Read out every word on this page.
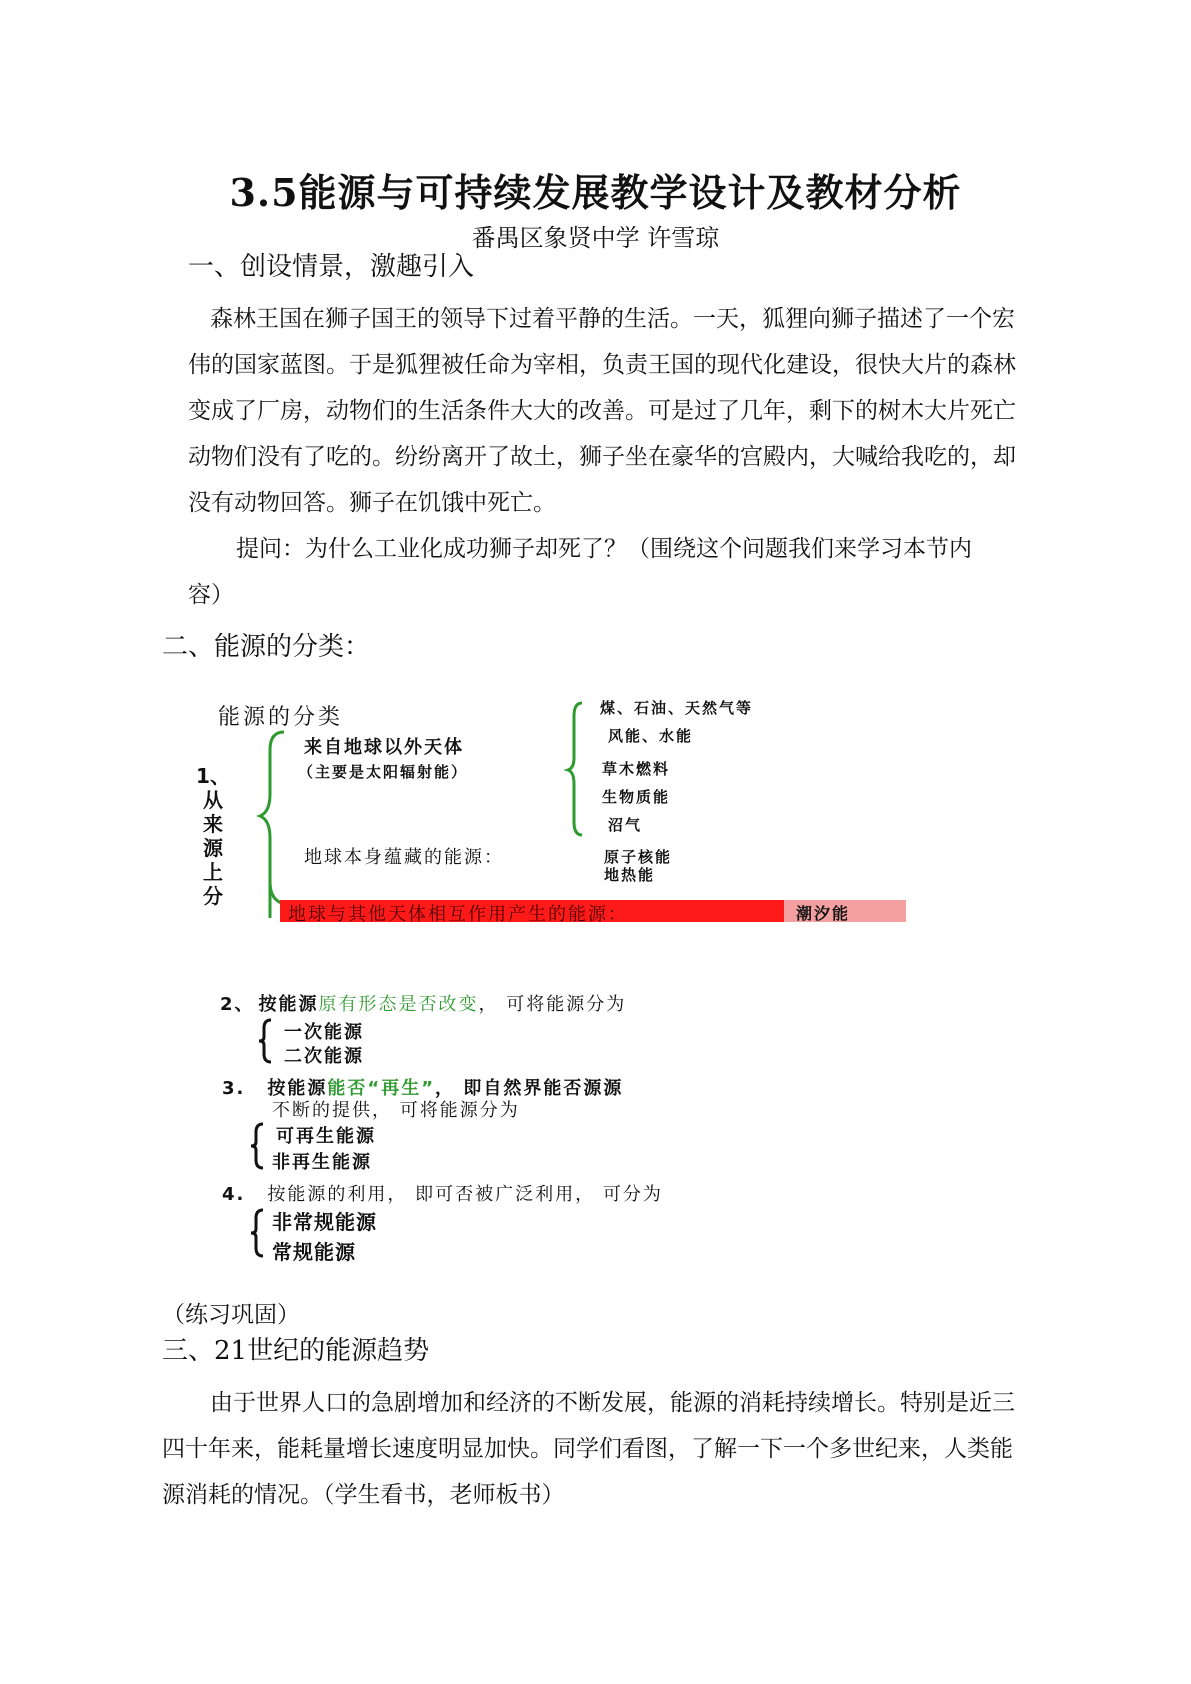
3.5能源与可持续发展教学设计及教材分析
番禺区象贤中学 许雪琼
一、创设情景，激趣引入
森林王国在狮子国王的领导下过着平静的生活。一天，狐狸向狮子描述了一个宏
伟的国家蓝图。于是狐狸被任命为宰相，负责王国的现代化建设，很快大片的森林
变成了厂房，动物们的生活条件大大的改善。可是过了几年，剩下的树木大片死亡
动物们没有了吃的。纷纷离开了故土，狮子坐在豪华的宫殿内，大喊给我吃的，却
没有动物回答。狮子在饥饿中死亡。
提问：为什么工业化成功狮子却死了？（围绕这个问题我们来学习本节内
容）
二、能源的分类：
能源的分类
1、
从
来
源
上
分
来自地球以外天体
（主要是太阳辐射能）
煤、石油、天然气等
风能、水能
草木燃料
生物质能
沼气
地球本身蕴藏的能源：	原子核能
地热能
地球与其他天体相互作用产生的能源：	潮汐能
2、 按能源原有形态是否改变， 可将能源分为
一次能源
二次能源
3. 按能源能否“再生”， 即自然界能否源源
不断的提供， 可将能源分为
可再生能源
非再生能源
4. 按能源的利用， 即可否被广泛利用， 可分为
非常规能源
常规能源
（练习巩固）
三、21世纪的能源趋势
由于世界人口的急剧增加和经济的不断发展，能源的消耗持续增长。特别是近三
四十年来，能耗量增长速度明显加快。同学们看图，了解一下一个多世纪来，人类能
源消耗的情况。（学生看书，老师板书）
